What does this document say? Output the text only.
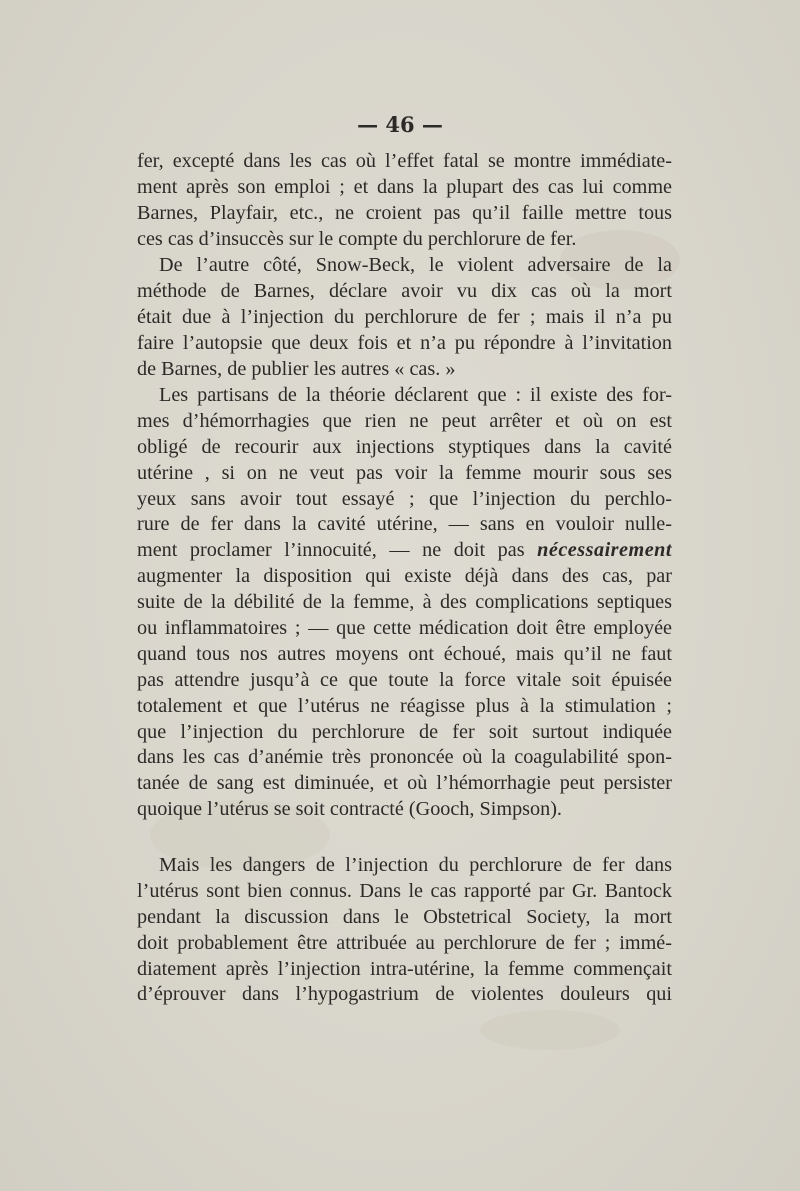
— 46 —
fer, excepté dans les cas où l’effet fatal se montre immédiate-
ment après son emploi ; et dans la plupart des cas lui comme
Barnes, Playfair, etc., ne croient pas qu’il faille mettre tous
ces cas d’insuccès sur le compte du perchlorure de fer.
De l’autre côté, Snow-Beck, le violent adversaire de la
méthode de Barnes, déclare avoir vu dix cas où la mort
était due à l’injection du perchlorure de fer ; mais il n’a pu
faire l’autopsie que deux fois et n’a pu répondre à l’invitation
de Barnes, de publier les autres « cas. »
Les partisans de la théorie déclarent que : il existe des for-
mes d’hémorrhagies que rien ne peut arrêter et où on est
obligé de recourir aux injections styptiques dans la cavité
utérine , si on ne veut pas voir la femme mourir sous ses
yeux sans avoir tout essayé ; que l’injection du perchlo-
rure de fer dans la cavité utérine, — sans en vouloir nulle-
ment proclamer l’innocuité, — ne doit pas nécessairement
augmenter la disposition qui existe déjà dans des cas, par
suite de la débilité de la femme, à des complications septiques
ou inflammatoires ; — que cette médication doit être employée
quand tous nos autres moyens ont échoué, mais qu’il ne faut
pas attendre jusqu’à ce que toute la force vitale soit épuisée
totalement et que l’utérus ne réagisse plus à la stimulation ;
que l’injection du perchlorure de fer soit surtout indiquée
dans les cas d’anémie très prononcée où la coagulabilité spon-
tanée de sang est diminuée, et où l’hémorrhagie peut persister
quoique l’utérus se soit contracté (Gooch, Simpson).
Mais les dangers de l’injection du perchlorure de fer dans
l’utérus sont bien connus. Dans le cas rapporté par Gr. Bantock
pendant la discussion dans le Obstetrical Society, la mort
doit probablement être attribuée au perchlorure de fer ; immé-
diatement après l’injection intra-utérine, la femme commençait
d’éprouver dans l’hypogastrium de violentes douleurs qui
